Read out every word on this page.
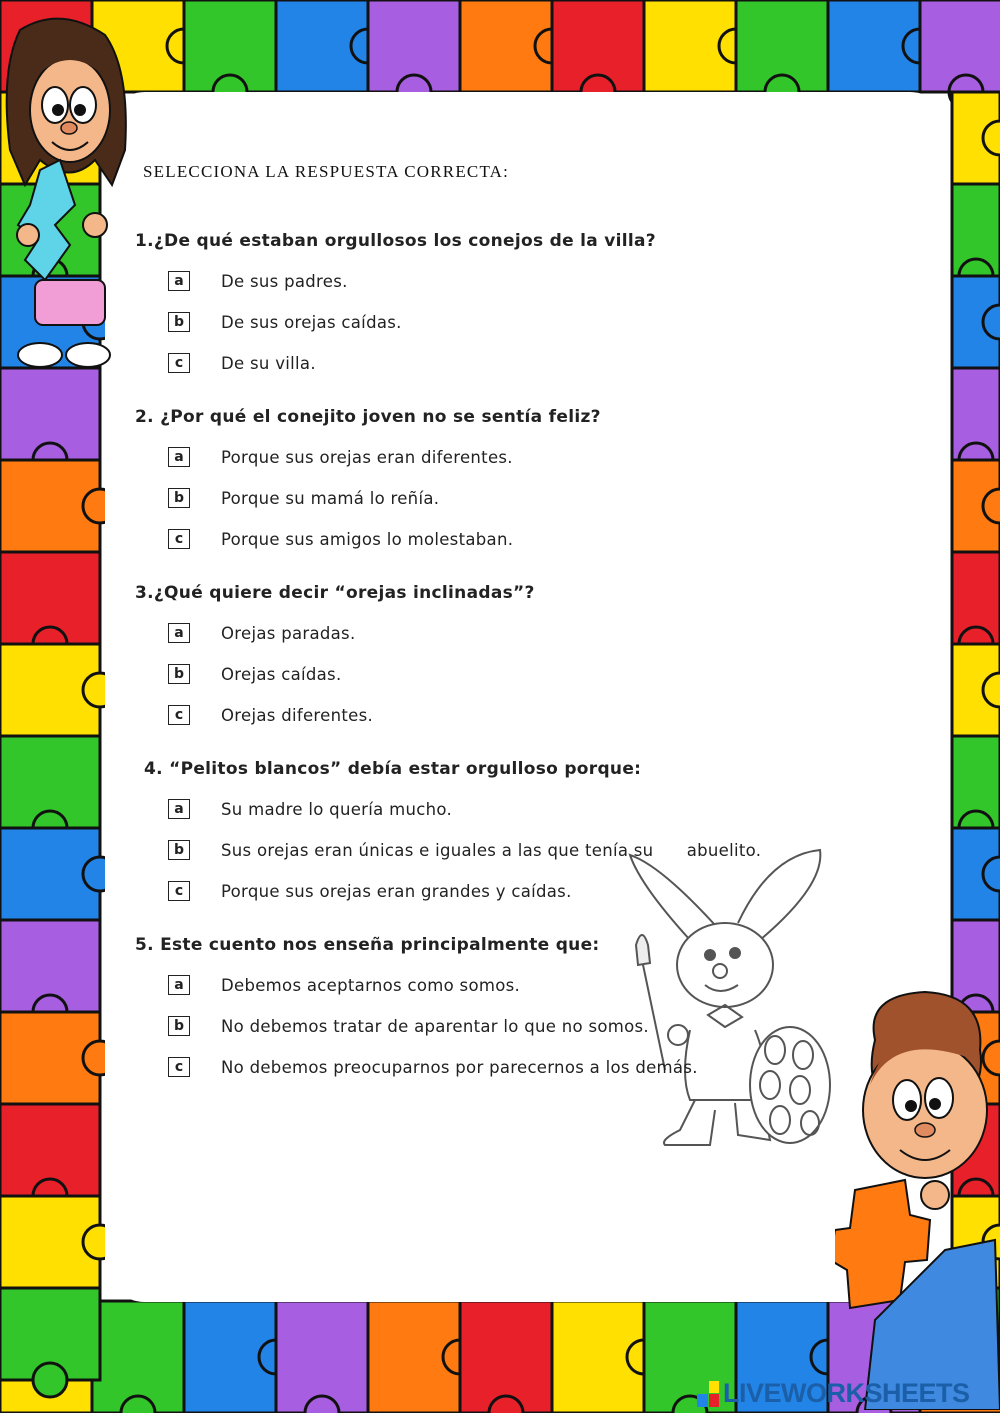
SELECCIONA LA RESPUESTA CORRECTA:
1.¿De qué estaban orgullosos los conejos de la villa?
a	De sus padres.
b	De sus orejas caídas.
c	De su villa.
2. ¿Por qué el conejito joven no se sentía feliz?
a	Porque sus orejas eran diferentes.
b	Porque su mamá lo reñía.
c	Porque sus amigos lo molestaban.
3.¿Qué quiere decir “orejas inclinadas”?
a	Orejas paradas.
b	Orejas caídas.
c	Orejas diferentes.
4. “Pelitos blancos” debía estar orgulloso porque:
a	Su madre lo quería mucho.
b	Sus orejas eran únicas e iguales a las que tenía su      abuelito.
c	Porque sus orejas eran grandes y caídas.
5. Este cuento nos enseña principalmente que:
a	Debemos aceptarnos como somos.
b	No debemos tratar de aparentar lo que no somos.
c	No debemos preocuparnos por parecernos a los demás.
LIVEWORKSHEETS
